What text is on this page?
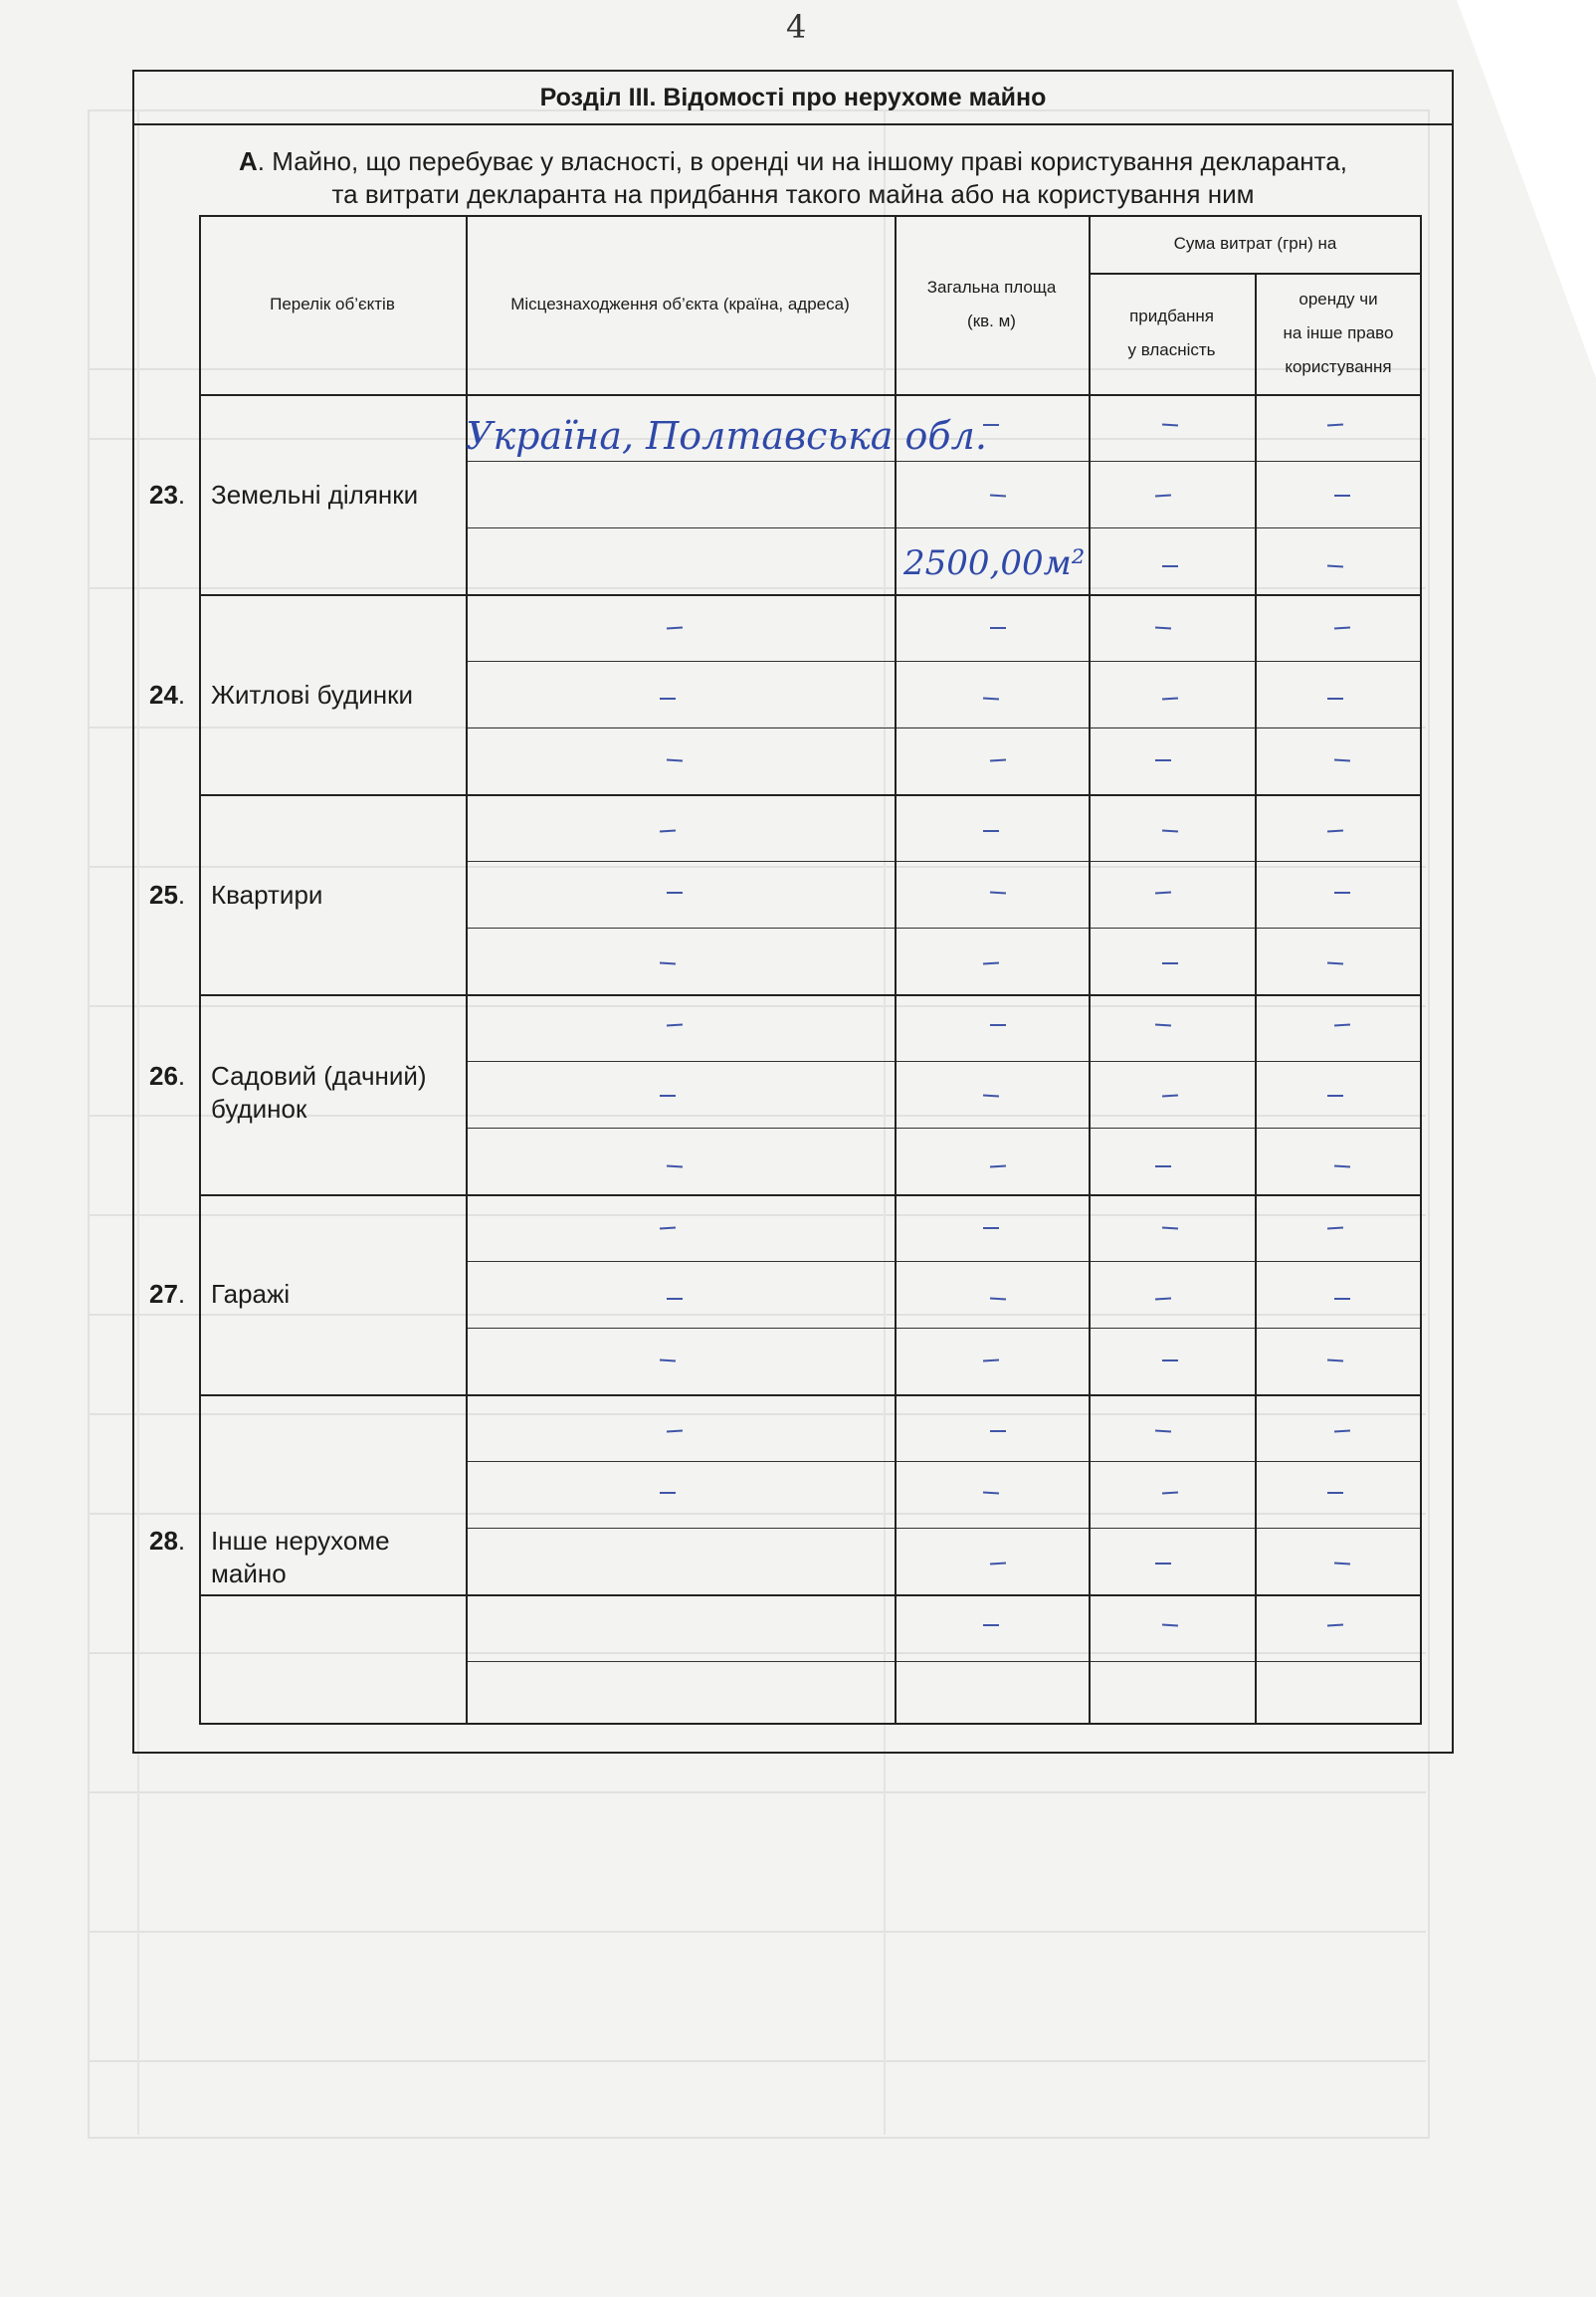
4
Розділ ІІІ. Відомості про нерухоме майно
А. Майно, що перебуває у власності, в оренді чи на іншому праві користування декларанта,
та витрати декларанта на придбання такого майна або на користування ним
Перелік об’єктів	Місцезнаходження об’єкта (країна, адреса)
Загальна площа
(кв. м)
Сума витрат (грн) на
придбання
у власність
оренду чи
на інше право
користування
23. Земельні ділянки
24. Житлові будинки
25. Квартири
26. Садовий (дачний)
будинок
27. Гаражі
28. Інше нерухоме
майно
Україна, Полтавська обл.
2500,00м²
